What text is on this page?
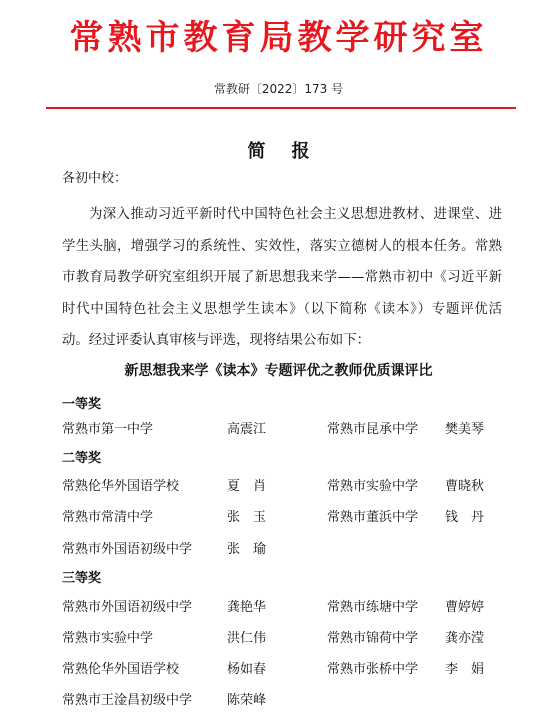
常熟市教育局教学研究室
常教研〔2022〕173 号
简报
各初中校：

为深入推动习近平新时代中国特色社会主义思想进教材、进课堂、进学生头脑，增强学习的系统性、实效性，落实立德树人的根本任务。常熟市教育局教学研究室组织开展了新思想我来学——常熟市初中《习近平新时代中国特色社会主义思想学生读本》（以下简称《读本》）专题评优活动。经过评委认真审核与评选，现将结果公布如下：

新思想我来学《读本》专题评优之教师优质课评比
一等奖
常熟市第一中学	高震江	常熟市昆承中学 樊美琴
二等奖
常熟伦华外国语学校	夏　肖	常熟市实验中学 曹晓秋
常熟市常清中学	张　玉	常熟市董浜中学 钱　丹
常熟市外国语初级中学	张　瑜
三等奖
常熟市外国语初级中学	龚艳华	常熟市练塘中学 曹婷婷
常熟市实验中学	洪仁伟	常熟市锦荷中学 龚亦滢
常熟伦华外国语学校	杨如春	常熟市张桥中学 李　娟
常熟市王淦昌初级中学	陈荣峰
